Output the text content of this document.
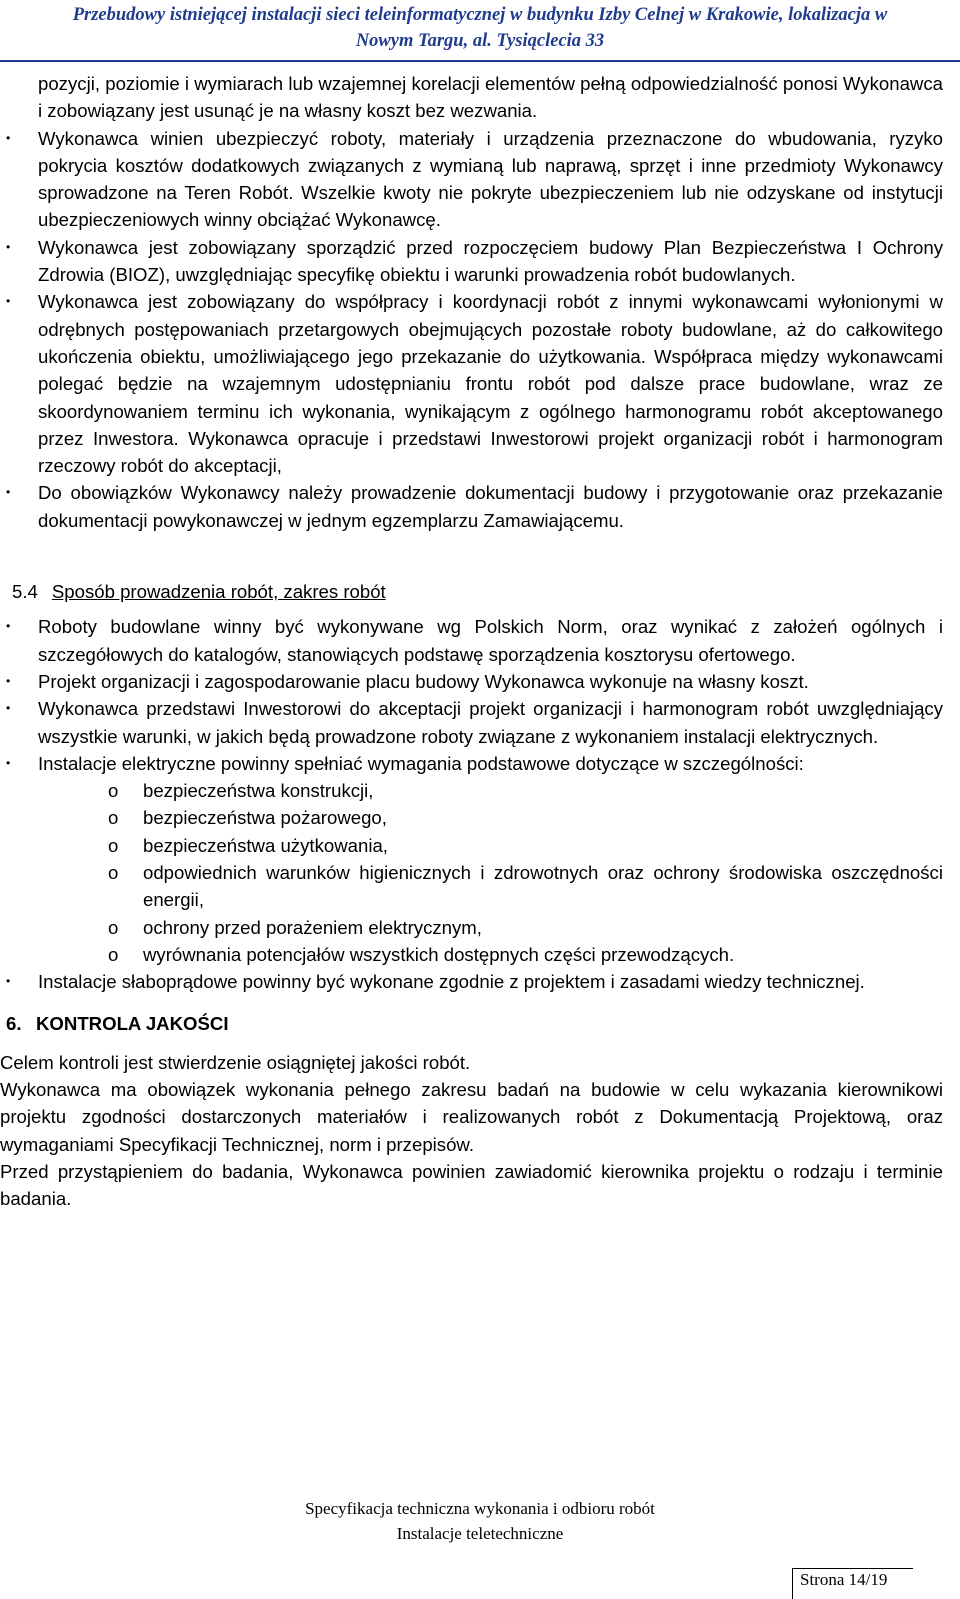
Przebudowy istniejącej instalacji sieci teleinformatycznej w budynku Izby Celnej w Krakowie, lokalizacja w
Nowym Targu, al. Tysiąclecia 33

pozycji, poziomie i wymiarach lub wzajemnej korelacji elementów pełną odpowiedzialność ponosi Wykonawca i zobowiązany jest usunąć je na własny koszt bez wezwania.

• Wykonawca winien ubezpieczyć roboty, materiały i urządzenia przeznaczone do wbudowania, ryzyko pokrycia kosztów dodatkowych związanych z wymianą lub naprawą, sprzęt i inne przedmioty Wykonawcy sprowadzone na Teren Robót. Wszelkie kwoty nie pokryte ubezpieczeniem lub nie odzyskane od instytucji ubezpieczeniowych winny obciążać Wykonawcę.
• Wykonawca jest zobowiązany sporządzić przed rozpoczęciem budowy Plan Bezpieczeństwa I Ochrony Zdrowia (BIOZ), uwzględniając specyfikę obiektu i warunki prowadzenia robót budowlanych.
• Wykonawca jest zobowiązany do współpracy i koordynacji robót z innymi wykonawcami wyłonionymi w odrębnych postępowaniach przetargowych obejmujących pozostałe roboty budowlane, aż do całkowitego ukończenia obiektu, umożliwiającego jego przekazanie do użytkowania. Współpraca między wykonawcami polegać będzie na wzajemnym udostępnianiu frontu robót pod dalsze prace budowlane, wraz ze skoordynowaniem terminu ich wykonania, wynikającym z ogólnego harmonogramu robót akceptowanego przez Inwestora. Wykonawca opracuje i przedstawi Inwestorowi projekt organizacji robót i harmonogram rzeczowy robót do akceptacji,
• Do obowiązków Wykonawcy należy prowadzenie dokumentacji budowy i przygotowanie oraz przekazanie dokumentacji powykonawczej w jednym egzemplarzu Zamawiającemu.
5.4 Sposób prowadzenia robót, zakres robót
• Roboty budowlane winny być wykonywane wg Polskich Norm, oraz wynikać z założeń ogólnych i szczegółowych do katalogów, stanowiących podstawę sporządzenia kosztorysu ofertowego.
• Projekt organizacji i zagospodarowanie placu budowy Wykonawca wykonuje na własny koszt.
• Wykonawca przedstawi Inwestorowi do akceptacji projekt organizacji i harmonogram robót uwzględniający wszystkie warunki, w jakich będą prowadzone roboty związane z wykonaniem instalacji elektrycznych.
• Instalacje elektryczne powinny spełniać wymagania podstawowe dotyczące w szczególności:
o bezpieczeństwa konstrukcji,
o bezpieczeństwa pożarowego,
o bezpieczeństwa użytkowania,
o odpowiednich warunków higienicznych i zdrowotnych oraz ochrony środowiska oszczędności energii,
o ochrony przed porażeniem elektrycznym,
o wyrównania potencjałów wszystkich dostępnych części przewodzących.
• Instalacje słaboprądowe powinny być wykonane zgodnie z projektem i zasadami wiedzy technicznej.
6. KONTROLA JAKOŚCI

Celem kontroli jest stwierdzenie osiągniętej jakości robót.

Wykonawca ma obowiązek wykonania pełnego zakresu badań na budowie w celu wykazania kierownikowi projektu zgodności dostarczonych materiałów i realizowanych robót z Dokumentacją Projektową, oraz wymaganiami Specyfikacji Technicznej, norm i przepisów.

Przed przystąpieniem do badania, Wykonawca powinien zawiadomić kierownika projektu o rodzaju i terminie badania.

Specyfikacja techniczna wykonania i odbioru robót
Instalacje teletechniczne
Strona 14/19
